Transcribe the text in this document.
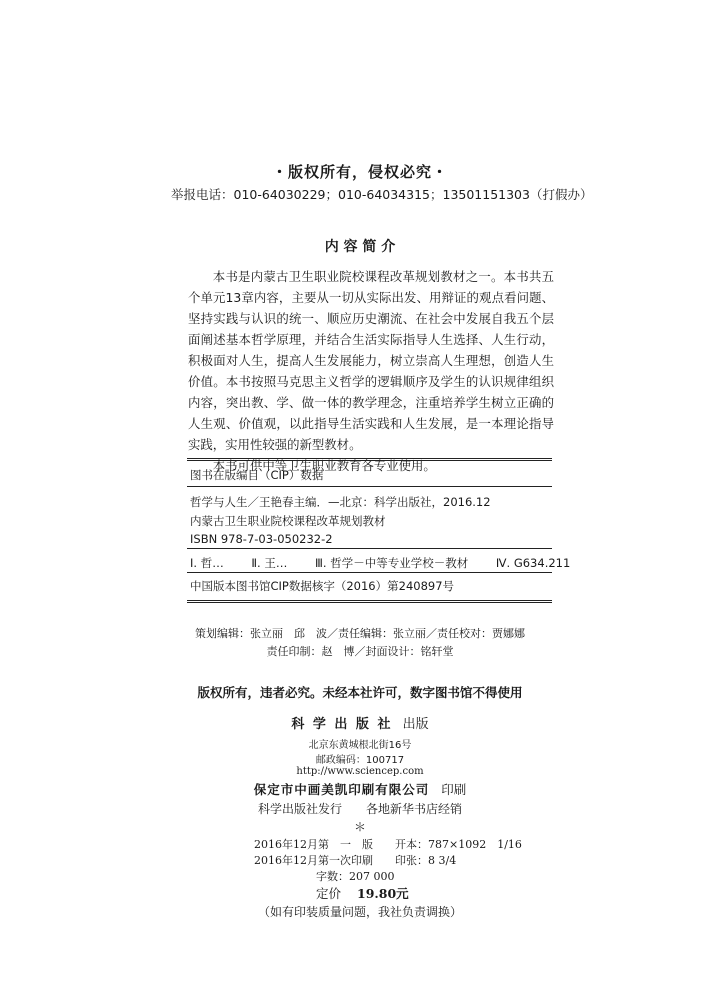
・版权所有，侵权必究・
举报电话：010-64030229；010-64034315；13501151303（打假办）
内 容 简 介

本书是内蒙古卫生职业院校课程改革规划教材之一。本书共五个单元13章内容，主要从一切从实际出发、用辩证的观点看问题、坚持实践与认识的统一、顺应历史潮流、在社会中发展自我五个层面阐述基本哲学原理，并结合生活实际指导人生选择、人生行动，积极面对人生，提高人生发展能力，树立崇高人生理想，创造人生价值。本书按照马克思主义哲学的逻辑顺序及学生的认识规律组织内容，突出教、学、做一体的教学理念，注重培养学生树立正确的人生观、价值观，以此指导生活实践和人生发展，是一本理论指导实践，实用性较强的新型教材。

本书可供中等卫生职业教育各专业使用。

图书在版编目（CIP）数据
哲学与人生／王艳春主编．—北京：科学出版社，2016.12
内蒙古卫生职业院校课程改革规划教材
ISBN 978-7-03-050232-2
Ⅰ. 哲… Ⅱ. 王… Ⅲ. 哲学－中等专业学校－教材 Ⅳ. G634.211
中国版本图书馆CIP数据核字（2016）第240897号
策划编辑：张立丽　邱　波／责任编辑：张立丽／责任校对：贾娜娜
责任印制：赵　博／封面设计：铭轩堂
版权所有，违者必究。未经本社许可，数字图书馆不得使用
科 学 出 版 社 出版
北京东黄城根北街16号
邮政编码：100717
http://www.sciencep.com
保定市中画美凯印刷有限公司 印刷
科学出版社发行　　各地新华书店经销
＊
2016年12月第　一　版　　开本：787×1092　1/16
2016年12月第一次印刷　　印张：8 3/4
字数：207 000
定价 19.80元
（如有印装质量问题，我社负责调换）
